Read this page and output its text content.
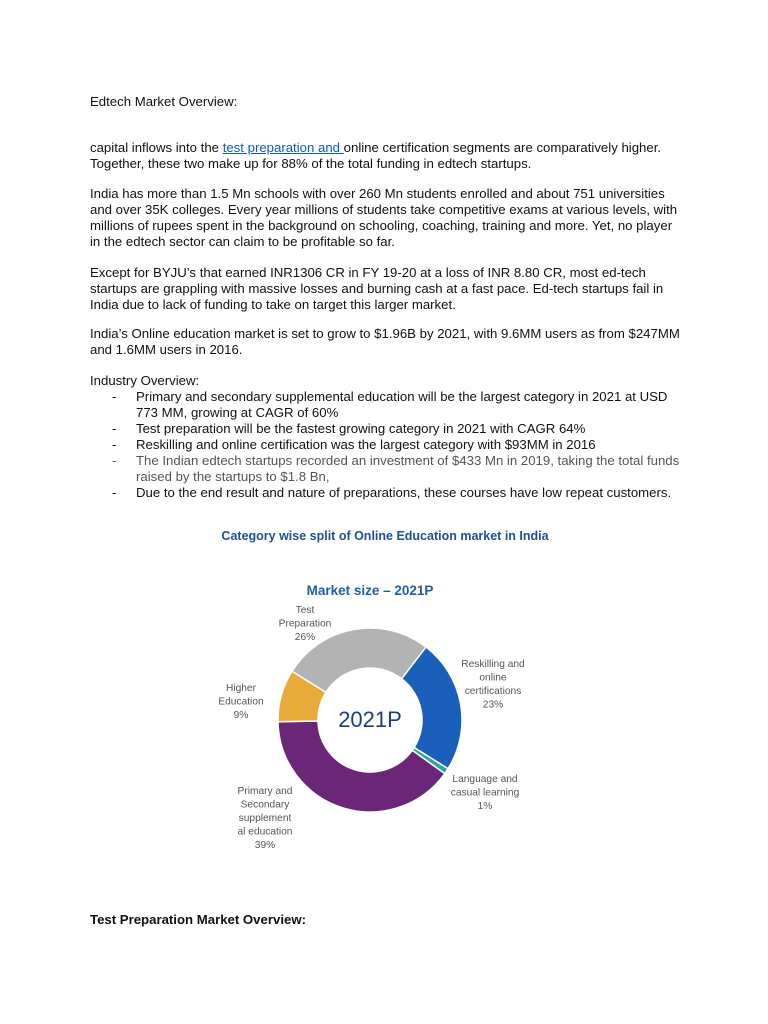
Edtech Market Overview:

capital inflows into the test preparation and online certification segments are comparatively higher. Together, these two make up for 88% of the total funding in edtech startups.

India has more than 1.5 Mn schools with over 260 Mn students enrolled and about 751 universities and over 35K colleges. Every year millions of students take competitive exams at various levels, with millions of rupees spent in the background on schooling, coaching, training and more. Yet, no player in the edtech sector can claim to be profitable so far.

Except for BYJU’s that earned INR1306 CR in FY 19-20 at a loss of INR 8.80 CR, most ed-tech startups are grappling with massive losses and burning cash at a fast pace. Ed-tech startups fail in India due to lack of funding to take on target this larger market.

India’s Online education market is set to grow to $1.96B by 2021, with 9.6MM users as from $247MM and 1.6MM users in 2016.

Industry Overview:

- Primary and secondary supplemental education will be the largest category in 2021 at USD 773 MM, growing at CAGR of 60%
- Test preparation will be the fastest growing category in 2021 with CAGR 64%
- Reskilling and online certification was the largest category with $93MM in 2016
- The Indian edtech startups recorded an investment of $433 Mn in 2019, taking the total funds raised by the startups to $1.8 Bn,
- Due to the end result and nature of preparations, these courses have low repeat customers.
Category wise split of Online Education market in India
Test Preparation Market Overview:
Market size – 2021P
2021P
Test
Preparation
26%
Reskilling and
online
certifications
23%
Language and
casual learning
1%
Primary and
Secondary
supplement
al education
39%
Higher
Education
9%
